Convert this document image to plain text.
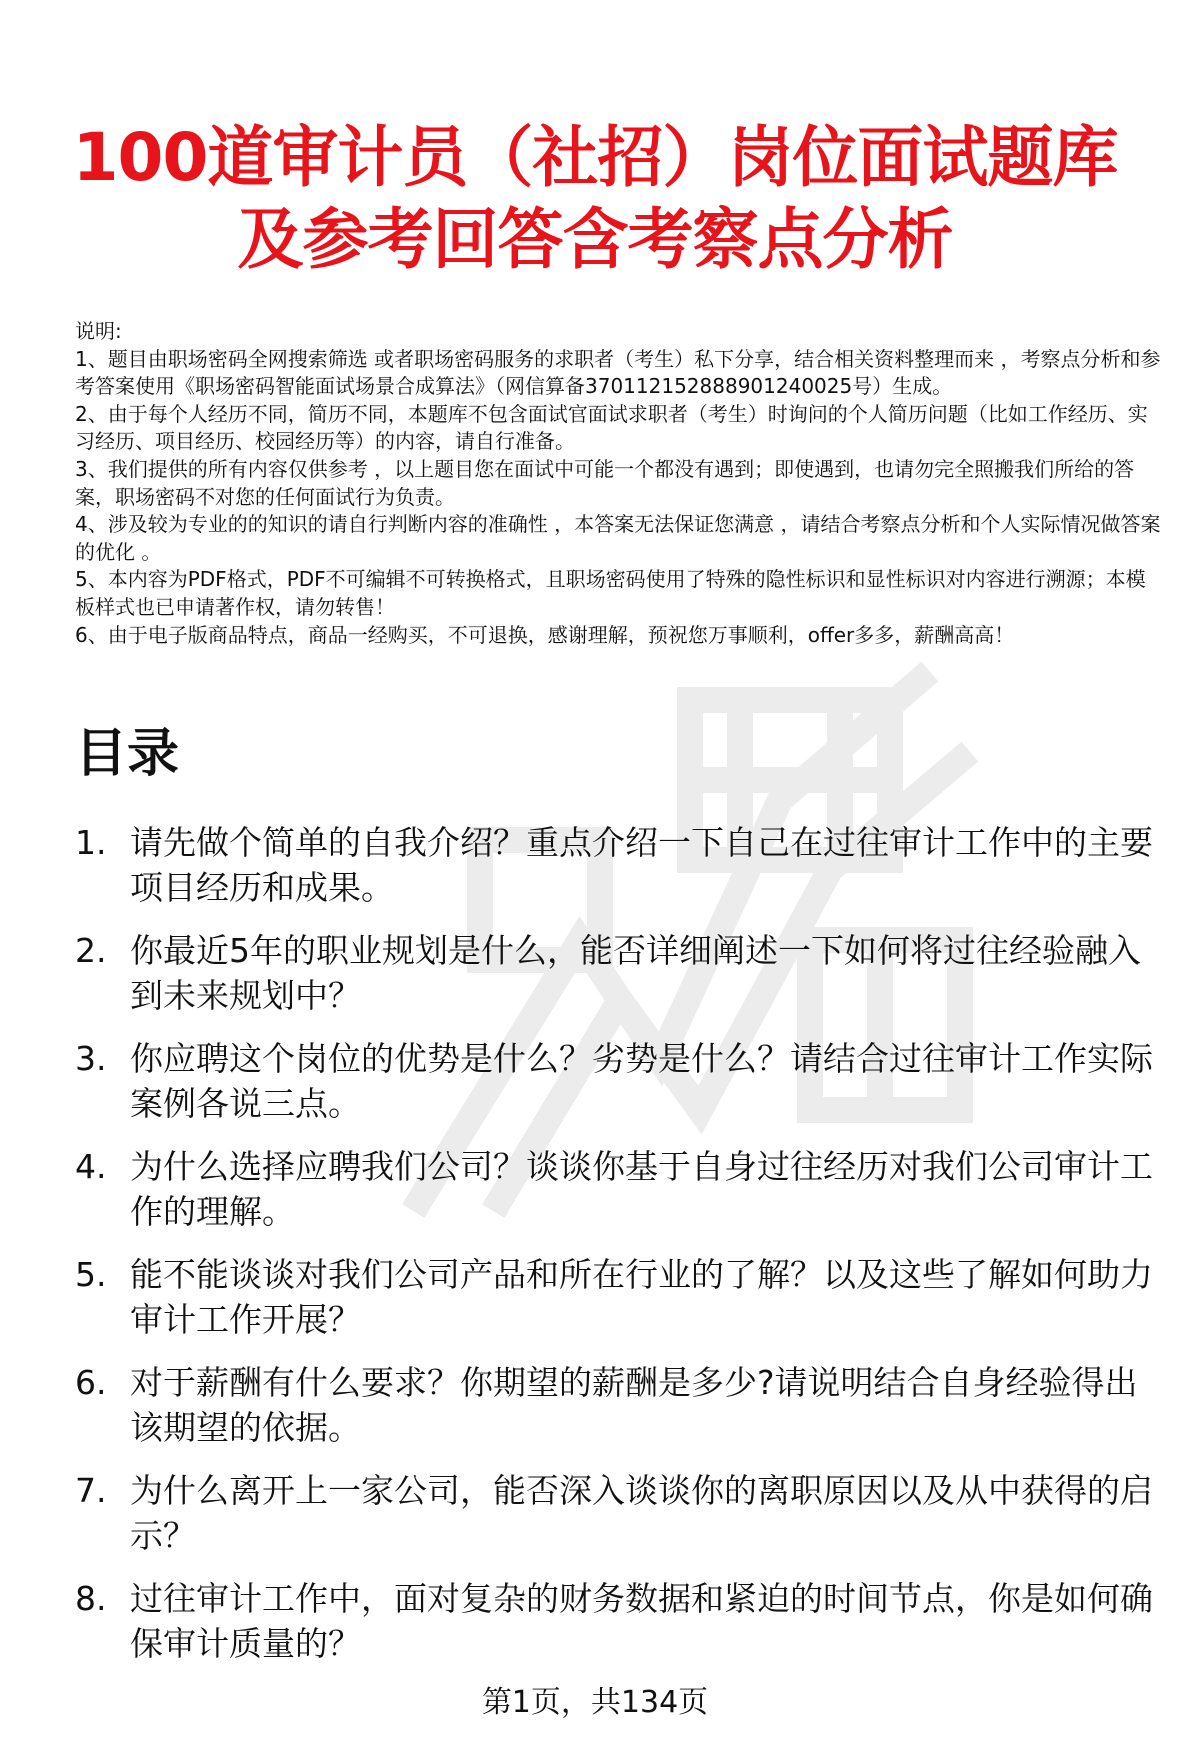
100道审计员（社招）岗位面试题库
及参考回答含考察点分析

说明:

1、题目由职场密码全网搜索筛选 或者职场密码服务的求职者（考生）私下分享，结合相关资料整理而来 ，考察点分析和参考答案使用《职场密码智能面试场景合成算法》（网信算备370112152888901240025号）生成。

2、由于每个人经历不同，简历不同，本题库不包含面试官面试求职者（考生）时询问的个人简历问题（比如工作经历、实习经历、项目经历、校园经历等）的内容，请自行准备。

3、我们提供的所有内容仅供参考 ，以上题目您在面试中可能一个都没有遇到；即使遇到，也请勿完全照搬我们所给的答案，职场密码不对您的任何面试行为负责。

4、涉及较为专业的的知识的请自行判断内容的准确性 ，本答案无法保证您满意 ，请结合考察点分析和个人实际情况做答案的优化 。

5、本内容为PDF格式，PDF不可编辑不可转换格式，且职场密码使用了特殊的隐性标识和显性标识对内容进行溯源；本模板样式也已申请著作权，请勿转售！

6、由于电子版商品特点，商品一经购买，不可退换，感谢理解，预祝您万事顺利，offer多多，薪酬高高！

目录
1. 请先做个简单的自我介绍？重点介绍一下自己在过往审计工作中的主要项目经历和成果。
2. 你最近5年的职业规划是什么，能否详细阐述一下如何将过往经验融入到未来规划中？
3. 你应聘这个岗位的优势是什么？劣势是什么？请结合过往审计工作实际案例各说三点。
4. 为什么选择应聘我们公司？谈谈你基于自身过往经历对我们公司审计工作的理解。
5. 能不能谈谈对我们公司产品和所在行业的了解？以及这些了解如何助力审计工作开展？
6. 对于薪酬有什么要求？你期望的薪酬是多少?请说明结合自身经验得出该期望的依据。
7. 为什么离开上一家公司，能否深入谈谈你的离职原因以及从中获得的启示？
8. 过往审计工作中，面对复杂的财务数据和紧迫的时间节点，你是如何确保审计质量的？
第1页，共134页
